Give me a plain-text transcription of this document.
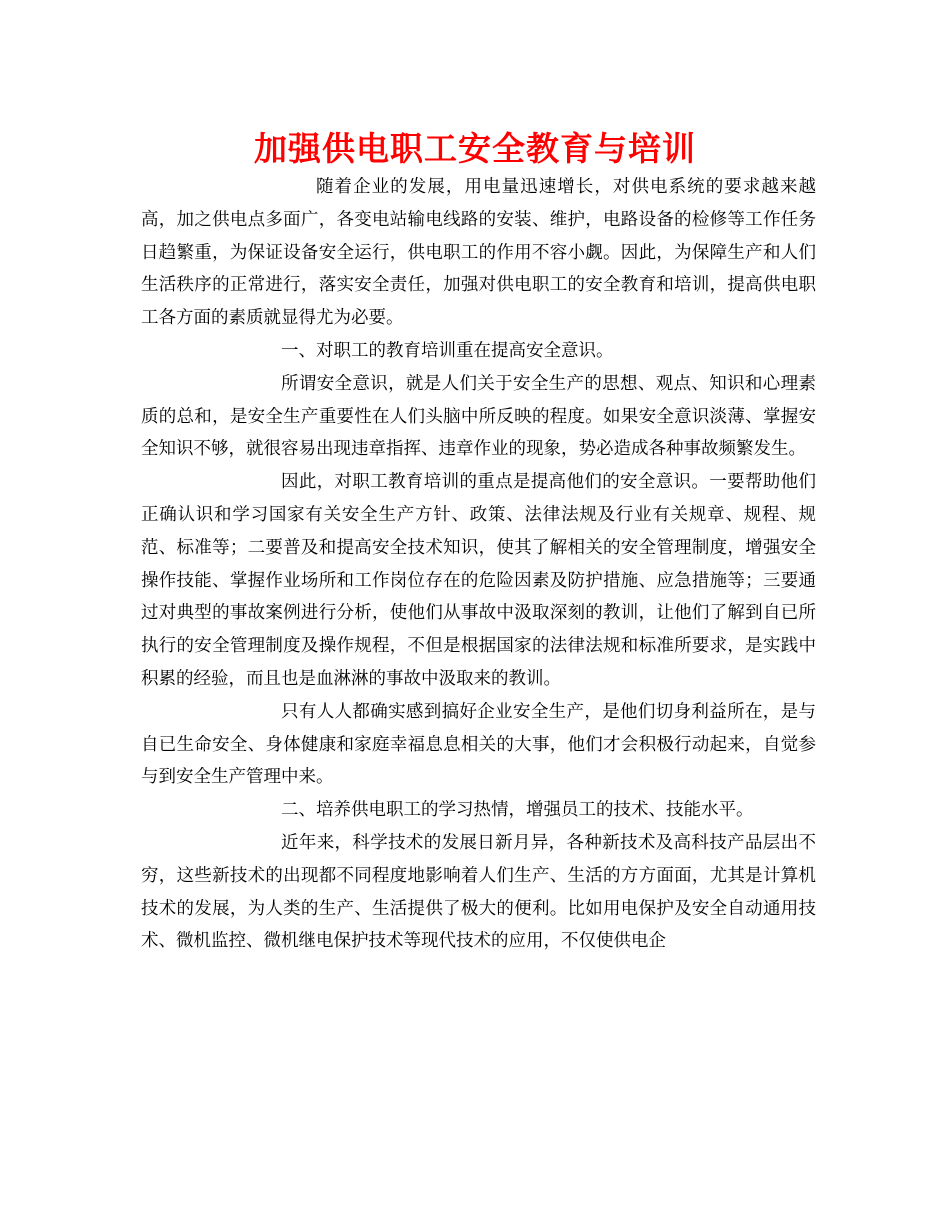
加强供电职工安全教育与培训

随着企业的发展，用电量迅速增长，对供电系统的要求越来越高，加之供电点多面广，各变电站输电线路的安装、维护，电路设备的检修等工作任务日趋繁重，为保证设备安全运行，供电职工的作用不容小觑。因此，为保障生产和人们生活秩序的正常进行，落实安全责任，加强对供电职工的安全教育和培训，提高供电职工各方面的素质就显得尤为必要。

一、对职工的教育培训重在提高安全意识。

所谓安全意识，就是人们关于安全生产的思想、观点、知识和心理素质的总和，是安全生产重要性在人们头脑中所反映的程度。如果安全意识淡薄、掌握安全知识不够，就很容易出现违章指挥、违章作业的现象，势必造成各种事故频繁发生。

因此，对职工教育培训的重点是提高他们的安全意识。一要帮助他们正确认识和学习国家有关安全生产方针、政策、法律法规及行业有关规章、规程、规范、标准等；二要普及和提高安全技术知识，使其了解相关的安全管理制度，增强安全操作技能、掌握作业场所和工作岗位存在的危险因素及防护措施、应急措施等；三要通过对典型的事故案例进行分析，使他们从事故中汲取深刻的教训，让他们了解到自已所执行的安全管理制度及操作规程，不但是根据国家的法律法规和标准所要求，是实践中积累的经验，而且也是血淋淋的事故中汲取来的教训。

只有人人都确实感到搞好企业安全生产，是他们切身利益所在，是与自已生命安全、身体健康和家庭幸福息息相关的大事，他们才会积极行动起来，自觉参与到安全生产管理中来。

二、培养供电职工的学习热情，增强员工的技术、技能水平。

近年来，科学技术的发展日新月异，各种新技术及高科技产品层出不穷，这些新技术的出现都不同程度地影响着人们生产、生活的方方面面，尤其是计算机技术的发展，为人类的生产、生活提供了极大的便利。比如用电保护及安全自动通用技术、微机监控、微机继电保护技术等现代技术的应用，不仅使供电企
